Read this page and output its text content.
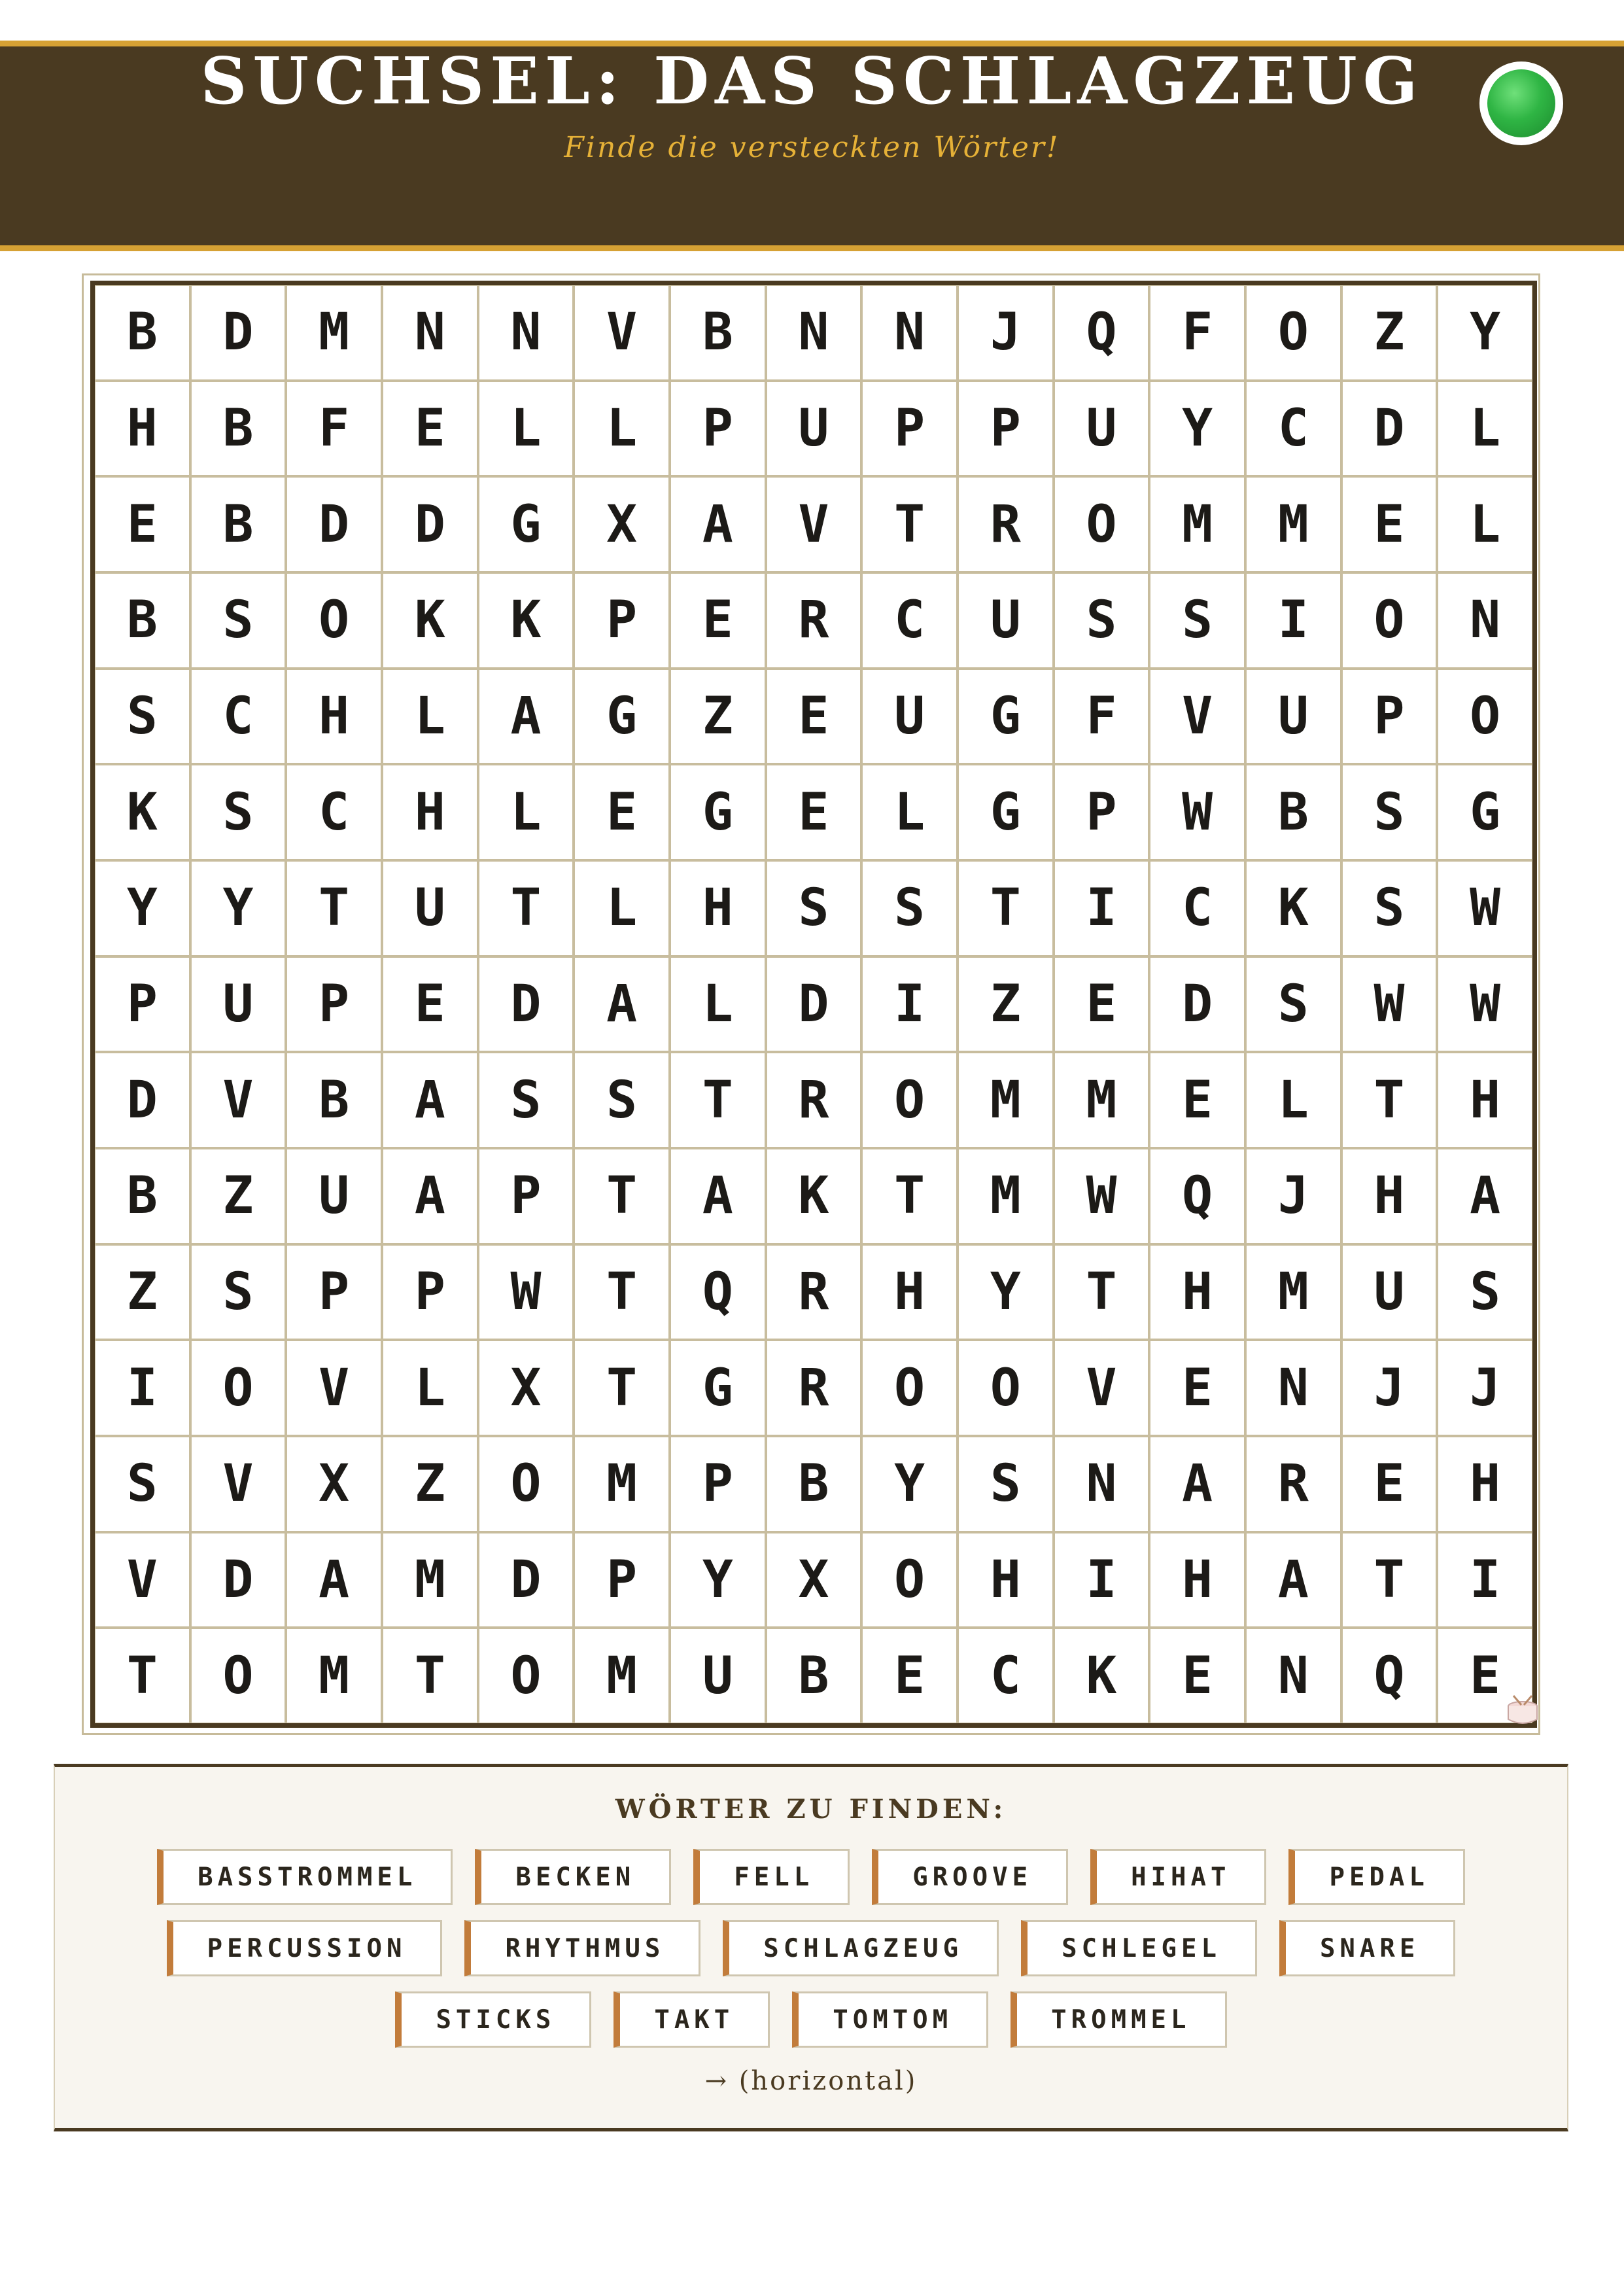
SUCHSEL: DAS SCHLAGZEUG
Finde die versteckten Wörter!
B	D	M	N	N	V	B	N	N	J	Q	F	O	Z	Y
H	B	F	E	L	L	P	U	P	P	U	Y	C	D	L
E	B	D	D	G	X	A	V	T	R	O	M	M	E	L
B	S	O	K	K	P	E	R	C	U	S	S	I	O	N
S	C	H	L	A	G	Z	E	U	G	F	V	U	P	O
K	S	C	H	L	E	G	E	L	G	P	W	B	S	G
Y	Y	T	U	T	L	H	S	S	T	I	C	K	S	W
P	U	P	E	D	A	L	D	I	Z	E	D	S	W	W
D	V	B	A	S	S	T	R	O	M	M	E	L	T	H
B	Z	U	A	P	T	A	K	T	M	W	Q	J	H	A
Z	S	P	P	W	T	Q	R	H	Y	T	H	M	U	S
I	O	V	L	X	T	G	R	O	O	V	E	N	J	J
S	V	X	Z	O	M	P	B	Y	S	N	A	R	E	H
V	D	A	M	D	P	Y	X	O	H	I	H	A	T	I
T	O	M	T	O	M	U	B	E	C	K	E	N	Q	E
WÖRTER ZU FINDEN:
BASSTROMMEL	BECKEN	FELL	GROOVE	HIHAT	PEDAL
PERCUSSION	RHYTHMUS	SCHLAGZEUG	SCHLEGEL	SNARE
STICKS	TAKT	TOMTOM	TROMMEL
→ (horizontal)
